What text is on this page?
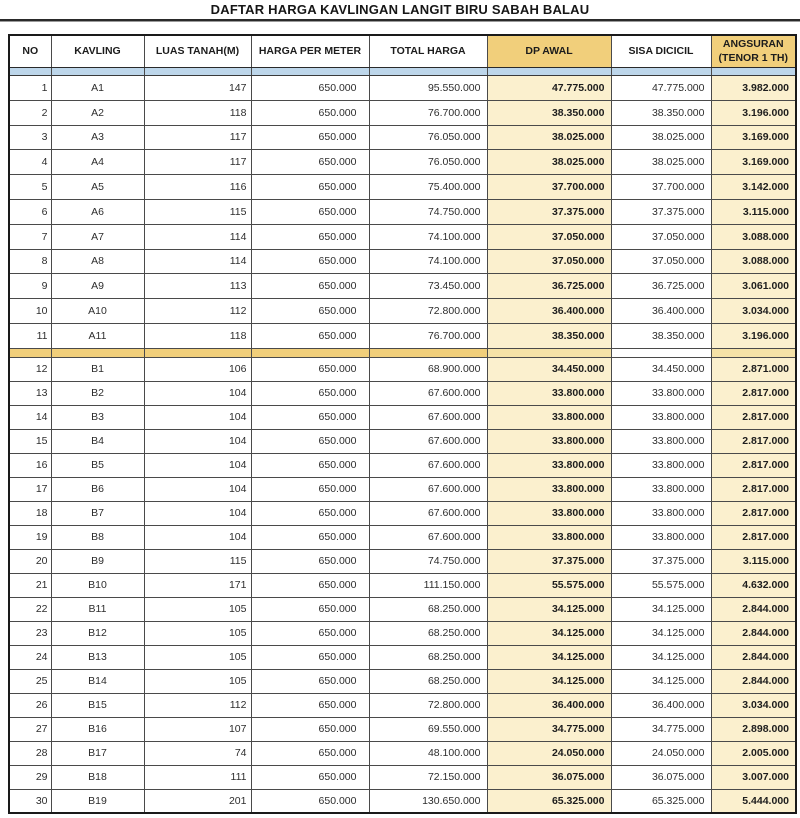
DAFTAR HARGA KAVLINGAN LANGIT BIRU SABAH BALAU
NO	KAVLING	LUAS TANAH(M)	HARGA PER METER	TOTAL HARGA	DP AWAL	SISA DICICIL	ANGSURAN (TENOR 1 TH)

1	A1	147	650.000	95.550.000	47.775.000	47.775.000	3.982.000
2	A2	118	650.000	76.700.000	38.350.000	38.350.000	3.196.000
3	A3	117	650.000	76.050.000	38.025.000	38.025.000	3.169.000
4	A4	117	650.000	76.050.000	38.025.000	38.025.000	3.169.000
5	A5	116	650.000	75.400.000	37.700.000	37.700.000	3.142.000
6	A6	115	650.000	74.750.000	37.375.000	37.375.000	3.115.000
7	A7	114	650.000	74.100.000	37.050.000	37.050.000	3.088.000
8	A8	114	650.000	74.100.000	37.050.000	37.050.000	3.088.000
9	A9	113	650.000	73.450.000	36.725.000	36.725.000	3.061.000
10	A10	112	650.000	72.800.000	36.400.000	36.400.000	3.034.000
11	A11	118	650.000	76.700.000	38.350.000	38.350.000	3.196.000

12	B1	106	650.000	68.900.000	34.450.000	34.450.000	2.871.000
13	B2	104	650.000	67.600.000	33.800.000	33.800.000	2.817.000
14	B3	104	650.000	67.600.000	33.800.000	33.800.000	2.817.000
15	B4	104	650.000	67.600.000	33.800.000	33.800.000	2.817.000
16	B5	104	650.000	67.600.000	33.800.000	33.800.000	2.817.000
17	B6	104	650.000	67.600.000	33.800.000	33.800.000	2.817.000
18	B7	104	650.000	67.600.000	33.800.000	33.800.000	2.817.000
19	B8	104	650.000	67.600.000	33.800.000	33.800.000	2.817.000
20	B9	115	650.000	74.750.000	37.375.000	37.375.000	3.115.000
21	B10	171	650.000	111.150.000	55.575.000	55.575.000	4.632.000
22	B11	105	650.000	68.250.000	34.125.000	34.125.000	2.844.000
23	B12	105	650.000	68.250.000	34.125.000	34.125.000	2.844.000
24	B13	105	650.000	68.250.000	34.125.000	34.125.000	2.844.000
25	B14	105	650.000	68.250.000	34.125.000	34.125.000	2.844.000
26	B15	112	650.000	72.800.000	36.400.000	36.400.000	3.034.000
27	B16	107	650.000	69.550.000	34.775.000	34.775.000	2.898.000
28	B17	74	650.000	48.100.000	24.050.000	24.050.000	2.005.000
29	B18	111	650.000	72.150.000	36.075.000	36.075.000	3.007.000
30	B19	201	650.000	130.650.000	65.325.000	65.325.000	5.444.000
